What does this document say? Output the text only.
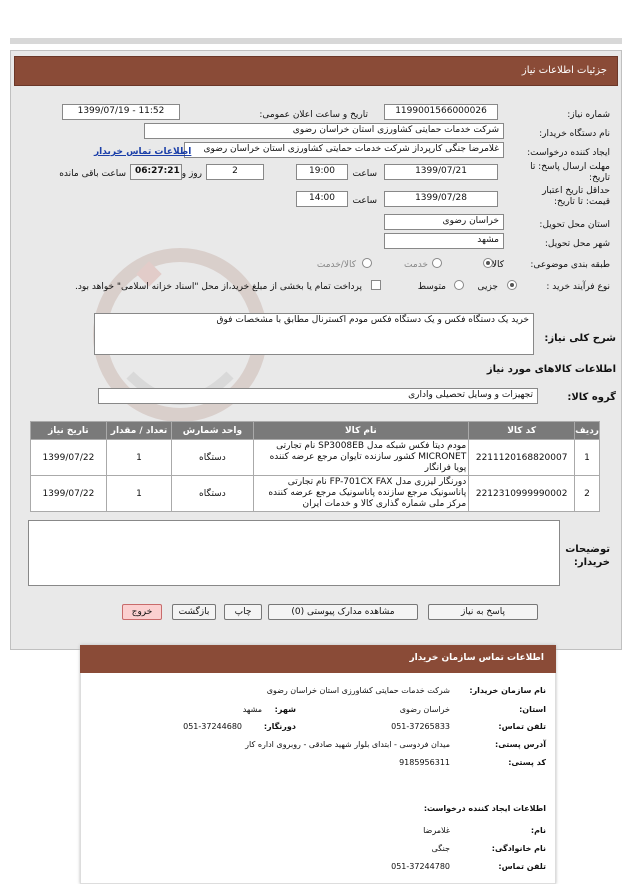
جزئیات اطلاعات نیاز
شماره نیاز:
1199001566000026
تاریخ و ساعت اعلان عمومی:
1399/07/19 - 11:52
نام دستگاه خریدار:
شرکت خدمات حمایتی کشاورزی استان خراسان رضوی
ایجاد کننده درخواست:
غلامرضا جنگی کارپرداز شرکت خدمات حمایتی کشاورزی استان خراسان رضوی
اطلاعات تماس خریدار
مهلت ارسال پاسخ: تا
تاریخ:
1399/07/21
ساعت
19:00
2
روز و
06:27:21
ساعت باقی مانده
حداقل تاریخ اعتبار
قیمت: تا تاریخ:
1399/07/28
ساعت
14:00
استان محل تحویل:
خراسان رضوی
شهر محل تحویل:
مشهد
طبقه بندی موضوعی:
کالا
خدمت
کالا/خدمت
نوع فرآیند خرید :
جزیی
متوسط
پرداخت تمام یا بخشی از مبلغ خرید،از محل "اسناد خزانه اسلامی" خواهد بود.
شرح کلی نیاز:
خرید یک دستگاه فکس و یک دستگاه فکس مودم اکسترنال مطابق با مشخصات فوق
اطلاعات کالاهای مورد نیاز
گروه کالا:
تجهیزات و وسایل تحصیلی واداری
ردیف	کد کالا	نام کالا	واحد شمارش	تعداد / مقدار	تاریخ نیاز
1	2211120168820007	مودم دیتا فکس شبکه مدل SP3008EB نام تجارتی MICRONET کشور سازنده تایوان مرجع عرضه کننده پویا فرانگار	دستگاه	1	1399/07/22
2	2212310999990002	دورنگار لیزری مدل FP-701CX FAX نام تجارتی پاناسونیک مرجع سازنده پاناسونیک مرجع عرضه کننده مرکز ملی شماره گذاری کالا و خدمات ایران	دستگاه	1	1399/07/22
توضیحات
خریدار:
پاسخ به نیاز
مشاهده مدارک پیوستی (0)
چاپ
بازگشت
خروج
اطلاعات تماس سازمان خریدار
نام سازمان خریدار:
شرکت خدمات حمایتی کشاورزی استان خراسان رضوی
استان:
خراسان رضوی
شهر:
مشهد
تلفن تماس:
051-37265833
دورنگار:
051-37244680
آدرس پستی:
میدان فردوسی - ابتدای بلوار شهید صادقی - روبروی اداره کار
کد پستی:
9185956311
اطلاعات ایجاد کننده درخواست:
نام:
غلامرضا
نام خانوادگی:
جنگی
تلفن تماس:
051-37244780
